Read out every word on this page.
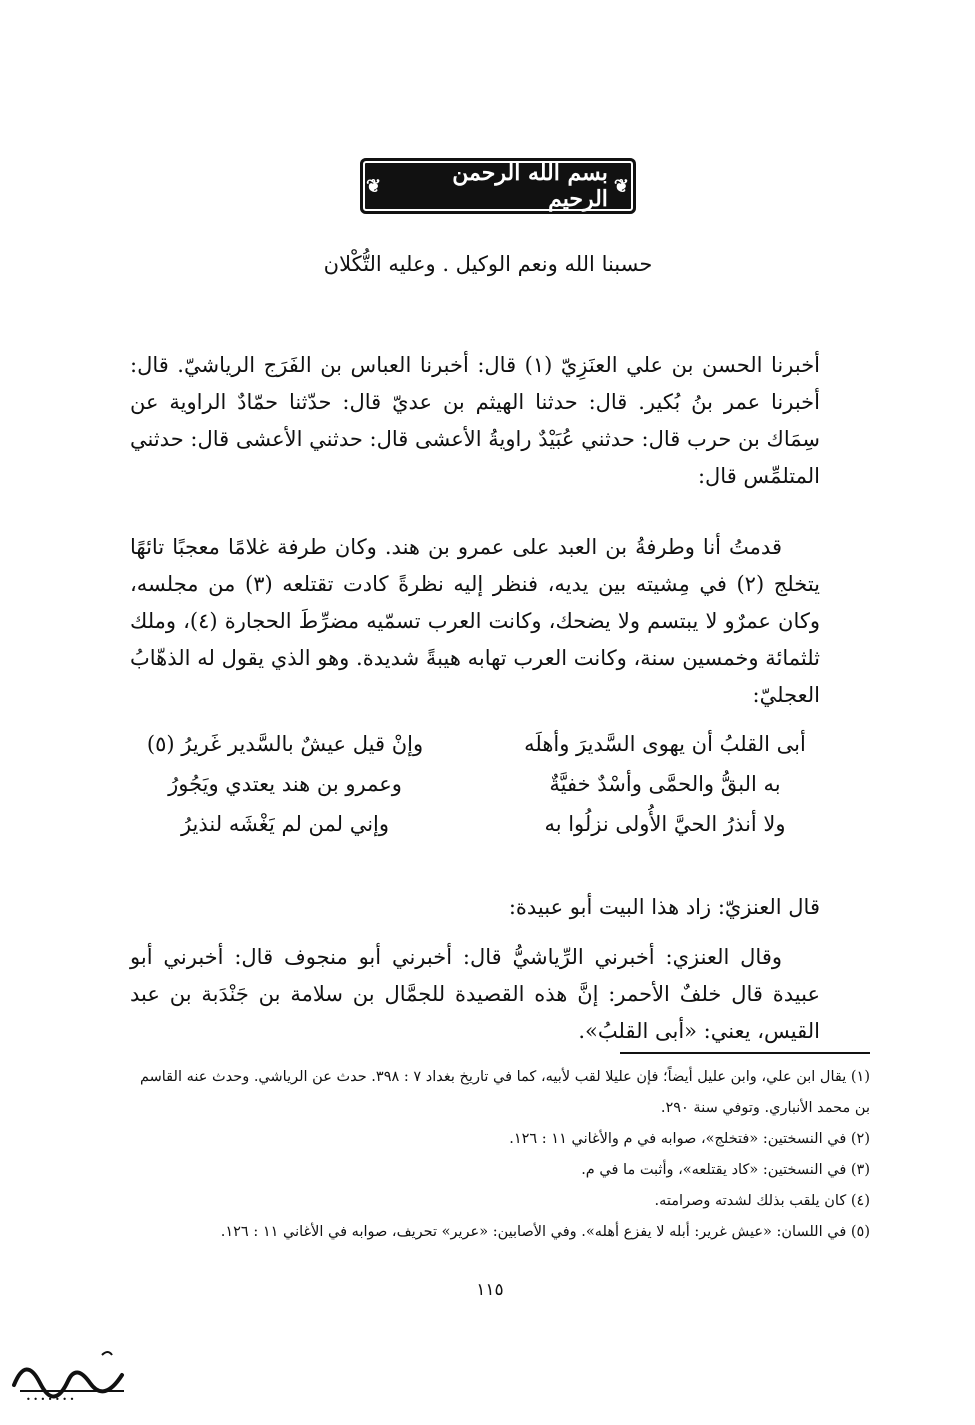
❦ بسم الله الرحمن الرحيم ❦
حسبنا الله ونعم الوكيل . وعليه التُّكْلان

أخبرنا الحسن بن علي العنَزِيّ (١) قال: أخبرنا العباس بن الفَرَج الرياشيّ. قال: أخبرنا عمر بنُ بُكير. قال: حدثنا الهيثم بن عديّ قال: حدّثنا حمّادٌ الراوية عن سِمَاك بن حرب قال: حدثني عُبَيْدٌ راويةُ الأعشى قال: حدثني الأعشى قال: حدثني المتلمِّس قال:

قدمتُ أنا وطرفةُ بن العبد على عمرو بن هند. وكان طرفة غلامًا معجبًا تائهًا يتخلج (٢) في مِشيته بين يديه، فنظر إليه نظرةً كادت تقتلعه (٣) من مجلسه، وكان عمرٌو لا يبتسم ولا يضحك، وكانت العرب تسمّيه مضرِّطَ الحجارة (٤)، وملك ثلثمائة وخمسين سنة، وكانت العرب تهابه هيبةً شديدة. وهو الذي يقول له الذهّابُ العجليّ:

أبى القلبُ أن يهوى السَّديرَ وأهلَه
وإنْ قيل عيشٌ بالسَّدير غَريرُ (٥)
به البقُّ والحمَّى وأسْدٌ خفيَّةٌ
وعمرو بن هند يعتدي ويَجُورُ
ولا أنذرُ الحيَّ الأُولى نزلُوا به
وإني لمن لم يَغْشَه لنذيرُ

قال العنزيّ: زاد هذا البيت أبو عبيدة:

وقال العنزي: أخبرني الرِّياشيُّ قال: أخبرني أبو منجوف قال: أخبرني أبو عبيدة قال خلفٌ الأحمر: إنَّ هذه القصيدة للجمَّال بن سلامة بن جَنْدَبة بن عبد القيس، يعني: «أبى القلبُ».

(١) يقال ابن علي، وابن عليل أيضاً؛ فإن عليلا لقب لأبيه، كما في تاريخ بغداد ٧ : ٣٩٨. حدث عن الرياشي. وحدث عنه القاسم بن محمد الأنباري. وتوفي سنة ٢٩٠.

(٢) في النسختين: «فتخلج»، صوابه في م والأغاني ١١ : ١٢٦.

(٣) في النسختين: «كاد يقتلعه»، وأثبت ما في م.

(٤) كان يلقب بذلك لشدته وصرامته.

(٥) في اللسان: «عيش غرير: أبله لا يفزع أهله». وفي الأصابين: «عرير» تحريف، صوابه في الأغاني ١١ : ١٢٦.

١١٥
• • • • • • •
